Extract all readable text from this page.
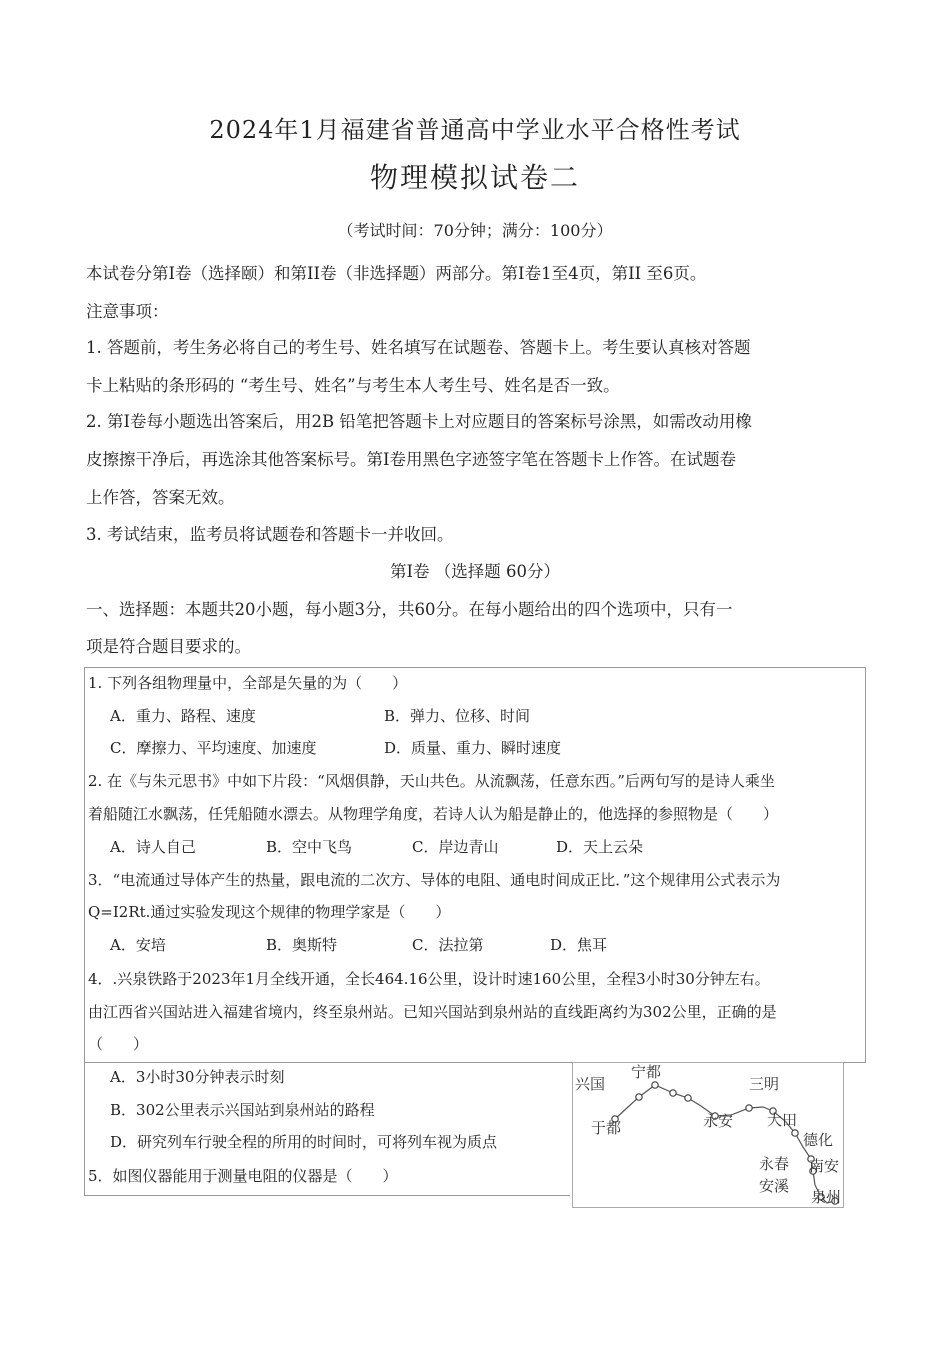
2024年1月福建省普通高中学业水平合格性考试
物理模拟试卷二
（考试时间：70分钟；满分：100分）
本试卷分第Ⅰ卷（选择颐）和第II卷（非选择题）两部分。第Ⅰ卷1至4页，第II 至6页。
注意事项：
1. 答题前，考生务必将自己的考生号、姓名填写在试题卷、答题卡上。考生要认真核对答题
卡上粘贴的条形码的 “考生号、姓名”与考生本人考生号、姓名是否一致。
2. 第Ⅰ卷每小题选出答案后，用2B 铅笔把答题卡上对应题目的答案标号涂黑，如需改动用橡
皮擦擦干净后，再选涂其他答案标号。第Ⅰ卷用黑色字迹签字笔在答题卡上作答。在试题卷
上作答，答案无效。
3. 考试结束，监考员将试题卷和答题卡一并收回。
第Ⅰ卷 （选择题 60分）
一、选择题：本题共20小题，每小题3分，共60分。在每小题给出的四个选项中，只有一
项是符合题目要求的。
1. 下列各组物理量中，全部是矢量的为（　　）
A．重力、路程、速度	B．弹力、位移、时间
C．摩擦力、平均速度、加速度	D．质量、重力、瞬时速度
2. 在《与朱元思书》中如下片段：“风烟俱静，天山共色。从流飘荡，任意东西。”后两句写的是诗人乘坐
着船随江水飘荡，任凭船随水漂去。从物理学角度，若诗人认为船是静止的，他选择的参照物是（　　）
A．诗人自己	B．空中飞鸟	C．岸边青山	D．天上云朵
3．“电流通过导体产生的热量，跟电流的二次方、导体的电阻、通电时间成正比．”这个规律用公式表示为
Q=I2Rt.通过实验发现这个规律的物理学家是（　　）
A．安培	B．奥斯特	C．法拉第	D．焦耳
4．.兴泉铁路于2023年1月全线开通，全长464.16公里，设计时速160公里，全程3小时30分钟左右。
由江西省兴国站进入福建省境内，终至泉州站。已知兴国站到泉州站的直线距离约为302公里，正确的是
（　　）
A．3小时30分钟表示时刻
B．302公里表示兴国站到泉州站的路程
D．研究列车行驶全程的所用的时间时，可将列车视为质点
5．如图仪器能用于测量电阻的仪器是（　　）
兴国
宁都
于都
三明
永安 大田
德化
永春 南安
安溪
泉州
